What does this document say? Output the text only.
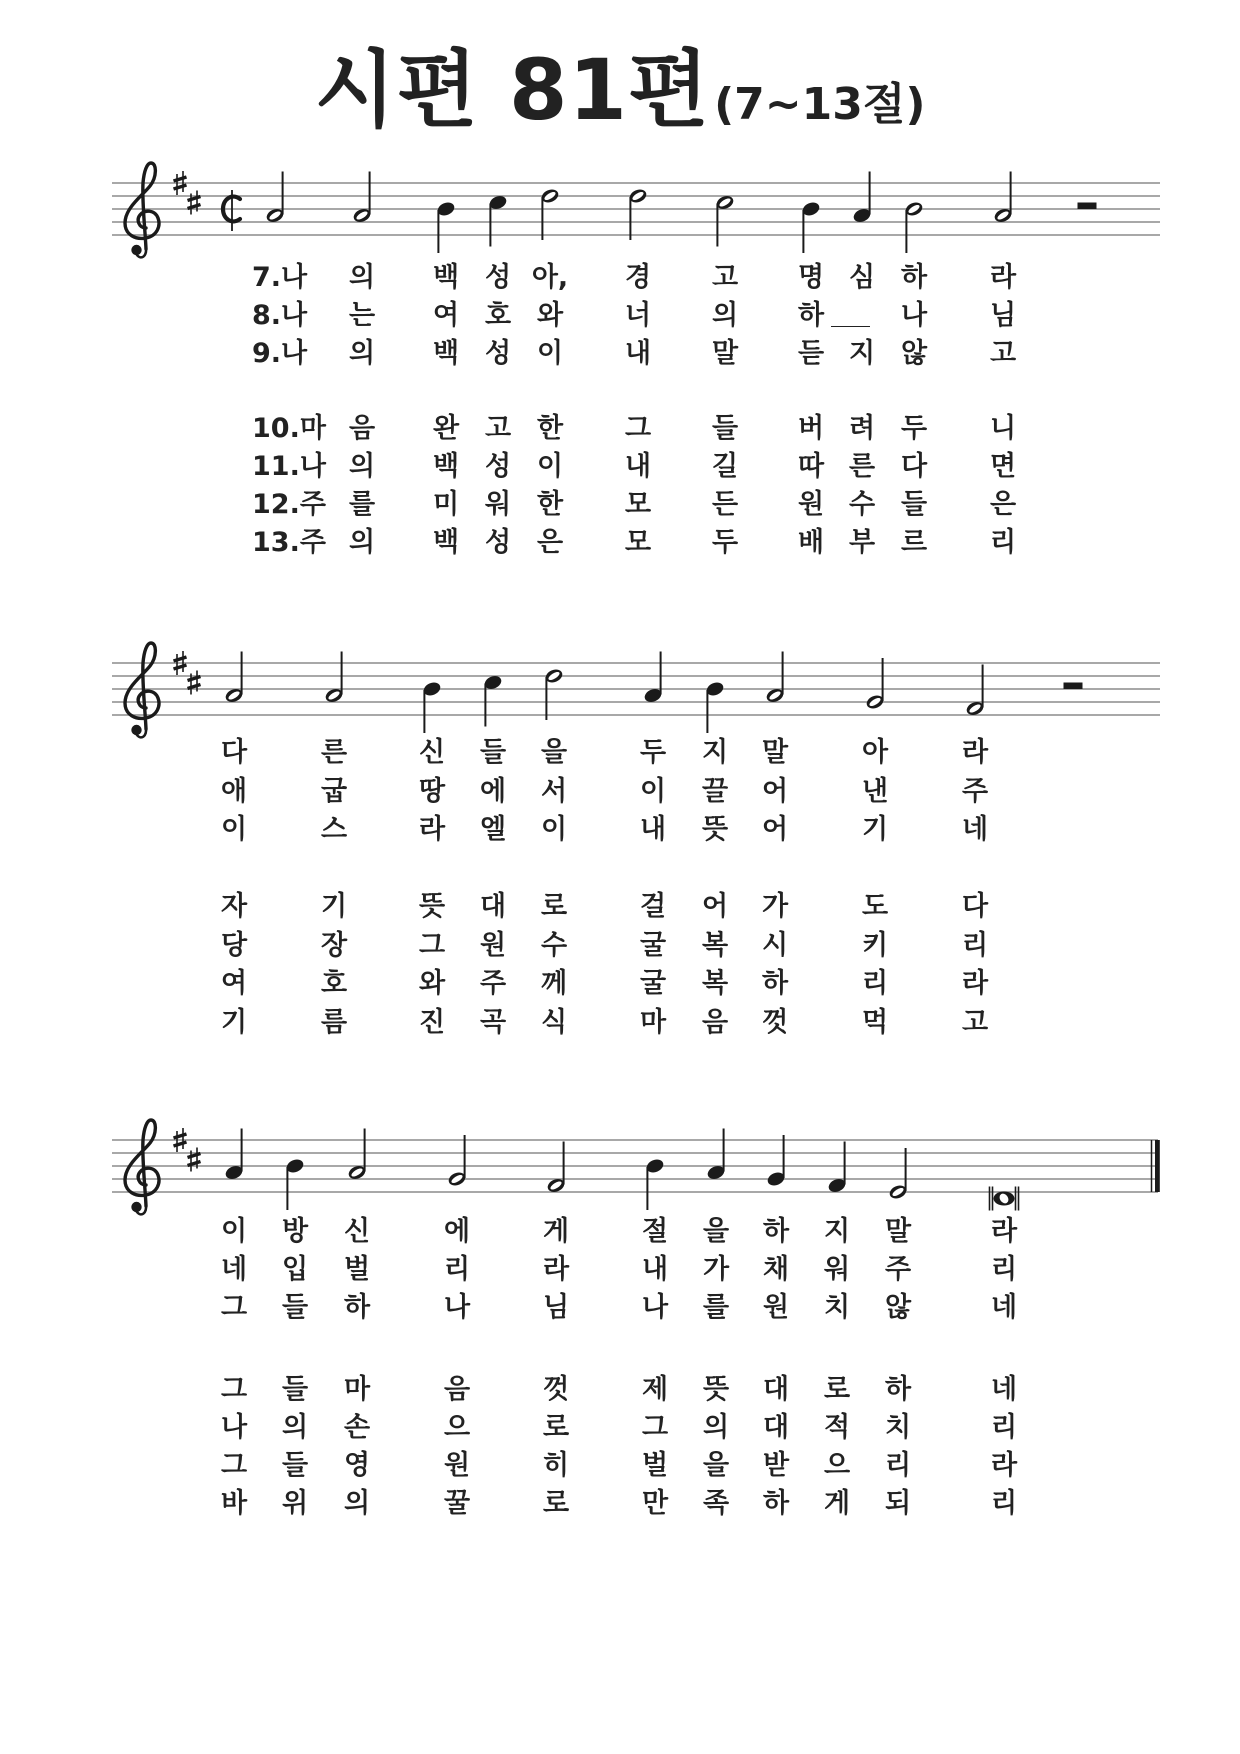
시편 81편 (7~13절)
7.나	의	백 성 아,	경	고	명 심 하	라
8.나	는	여 호 와	너	의	하	나	님
9.나	의	백 성 이	내	말	듣 지 않	고
10.마 음	완 고 한	그	들	버 려 두	니
11.나 의	백 성 이	내	길	따 른 다	면
12.주 를	미 워 한	모	든	원 수 들	은
13.주 의	백 성 은	모	두	배 부 르	리
다	른	신	들	을	두	지	말	아	라
애	굽	땅	에	서	이	끌	어	낸	주
이	스	라	엘	이	내	뜻	어	기	네
자	기	뜻	대	로	걸	어	가	도	다
당	장	그	원	수	굴	복	시	키	리
여	호	와	주	께	굴	복	하	리	라
기	름	진	곡	식	마	음	껏	먹	고
이	방	신	에	게	절	을	하	지	말	라
네	입	벌	리	라	내	가	채	워	주	리
그	들	하	나	님	나	를	원	치	않	네
그	들	마	음	껏	제	뜻	대	로	하	네
나	의	손	으	로	그	의	대	적	치	리
그	들	영	원	히	벌	을	받	으	리	라
바	위	의	꿀	로	만	족	하	게	되	리
